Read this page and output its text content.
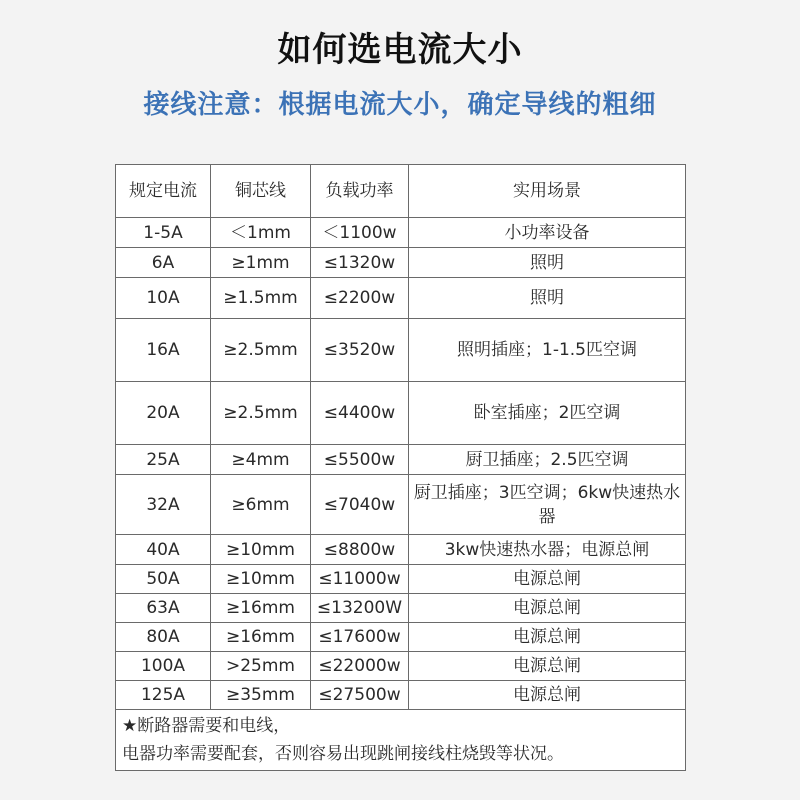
如何选电流大小
接线注意：根据电流大小，确定导线的粗细
规定电流	铜芯线	负载功率	实用场景
1-5A	＜1mm	＜1100w	小功率设备
6A	≥1mm	≤1320w	照明
10A	≥1.5mm	≤2200w	照明
16A	≥2.5mm	≤3520w	照明插座；1-1.5匹空调
20A	≥2.5mm	≤4400w	卧室插座；2匹空调
25A	≥4mm	≤5500w	厨卫插座；2.5匹空调
32A	≥6mm	≤7040w	厨卫插座；3匹空调；6kw快速热水器
40A	≥10mm	≤8800w	3kw快速热水器；电源总闸
50A	≥10mm	≤11000w	电源总闸
63A	≥16mm	≤13200W	电源总闸
80A	≥16mm	≤17600w	电源总闸
100A	>25mm	≤22000w	电源总闸
125A	≥35mm	≤27500w	电源总闸

★断路器需要和电线，
电器功率需要配套，否则容易出现跳闸接线柱烧毁等状况。			
